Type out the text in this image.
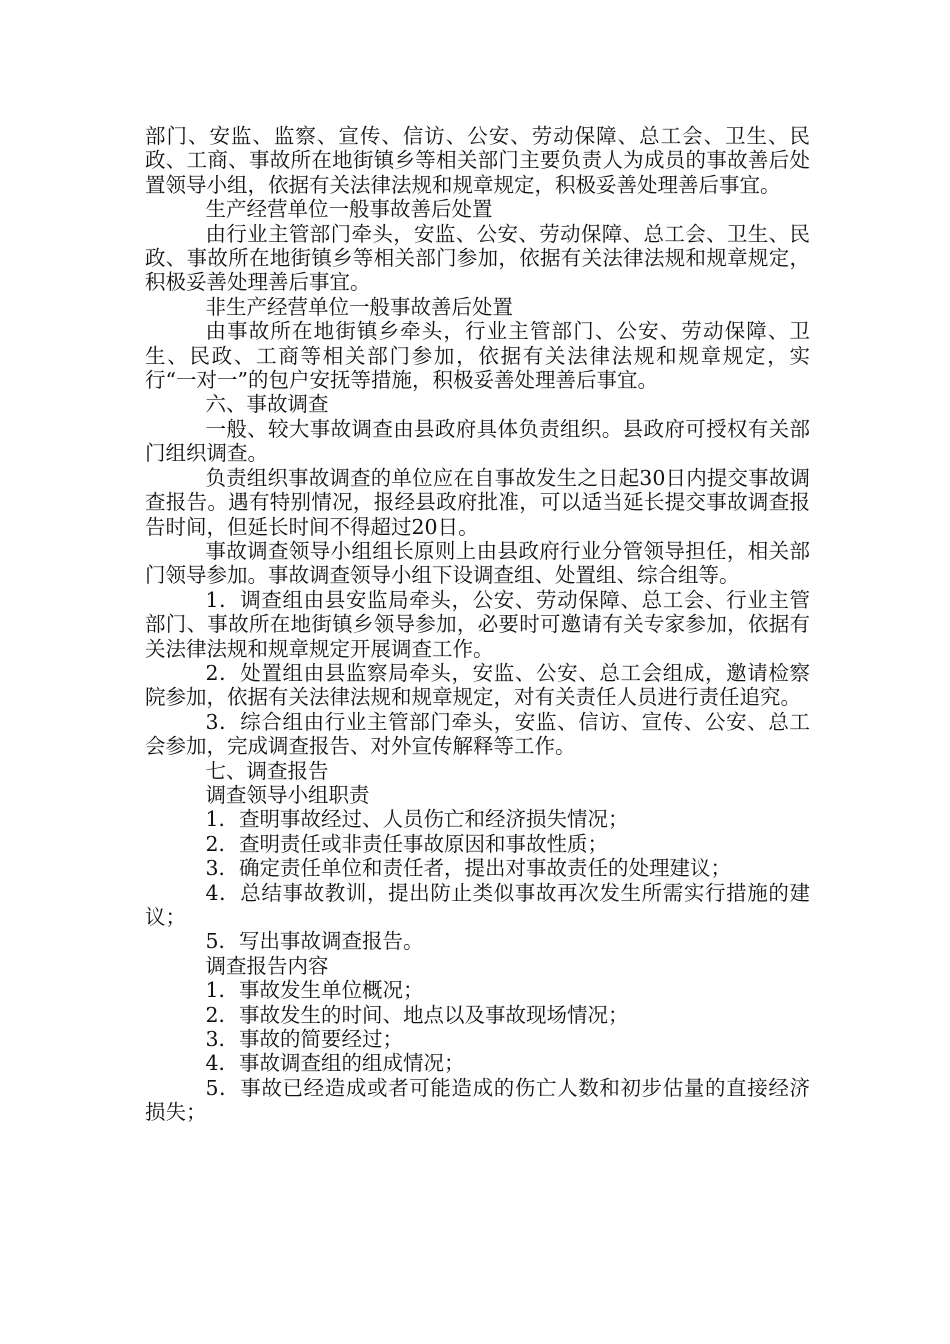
部门、安监、监察、宣传、信访、公安、劳动保障、总工会、卫生、民政、工商、事故所在地街镇乡等相关部门主要负责人为成员的事故善后处置领导小组，依据有关法律法规和规章规定，积极妥善处理善后事宜。

生产经营单位一般事故善后处置

由行业主管部门牵头，安监、公安、劳动保障、总工会、卫生、民政、事故所在地街镇乡等相关部门参加，依据有关法律法规和规章规定，积极妥善处理善后事宜。

非生产经营单位一般事故善后处置

由事故所在地街镇乡牵头，行业主管部门、公安、劳动保障、卫生、民政、工商等相关部门参加，依据有关法律法规和规章规定，实行“一对一”的包户安抚等措施，积极妥善处理善后事宜。

六、事故调查

一般、较大事故调查由县政府具体负责组织。县政府可授权有关部门组织调查。

负责组织事故调查的单位应在自事故发生之日起30日内提交事故调查报告。遇有特别情况，报经县政府批准，可以适当延长提交事故调查报告时间，但延长时间不得超过20日。

事故调查领导小组组长原则上由县政府行业分管领导担任，相关部门领导参加。事故调查领导小组下设调查组、处置组、综合组等。

1．调查组由县安监局牵头，公安、劳动保障、总工会、行业主管部门、事故所在地街镇乡领导参加，必要时可邀请有关专家参加，依据有关法律法规和规章规定开展调查工作。

2．处置组由县监察局牵头，安监、公安、总工会组成，邀请检察院参加，依据有关法律法规和规章规定，对有关责任人员进行责任追究。

3．综合组由行业主管部门牵头，安监、信访、宣传、公安、总工会参加，完成调查报告、对外宣传解释等工作。

七、调查报告

调查领导小组职责

1．查明事故经过、人员伤亡和经济损失情况；

2．查明责任或非责任事故原因和事故性质；

3．确定责任单位和责任者，提出对事故责任的处理建议；

4．总结事故教训，提出防止类似事故再次发生所需实行措施的建议；

5．写出事故调查报告。

调查报告内容

1．事故发生单位概况；

2．事故发生的时间、地点以及事故现场情况；

3．事故的简要经过；

4．事故调查组的组成情况；

5．事故已经造成或者可能造成的伤亡人数和初步估量的直接经济损失；
